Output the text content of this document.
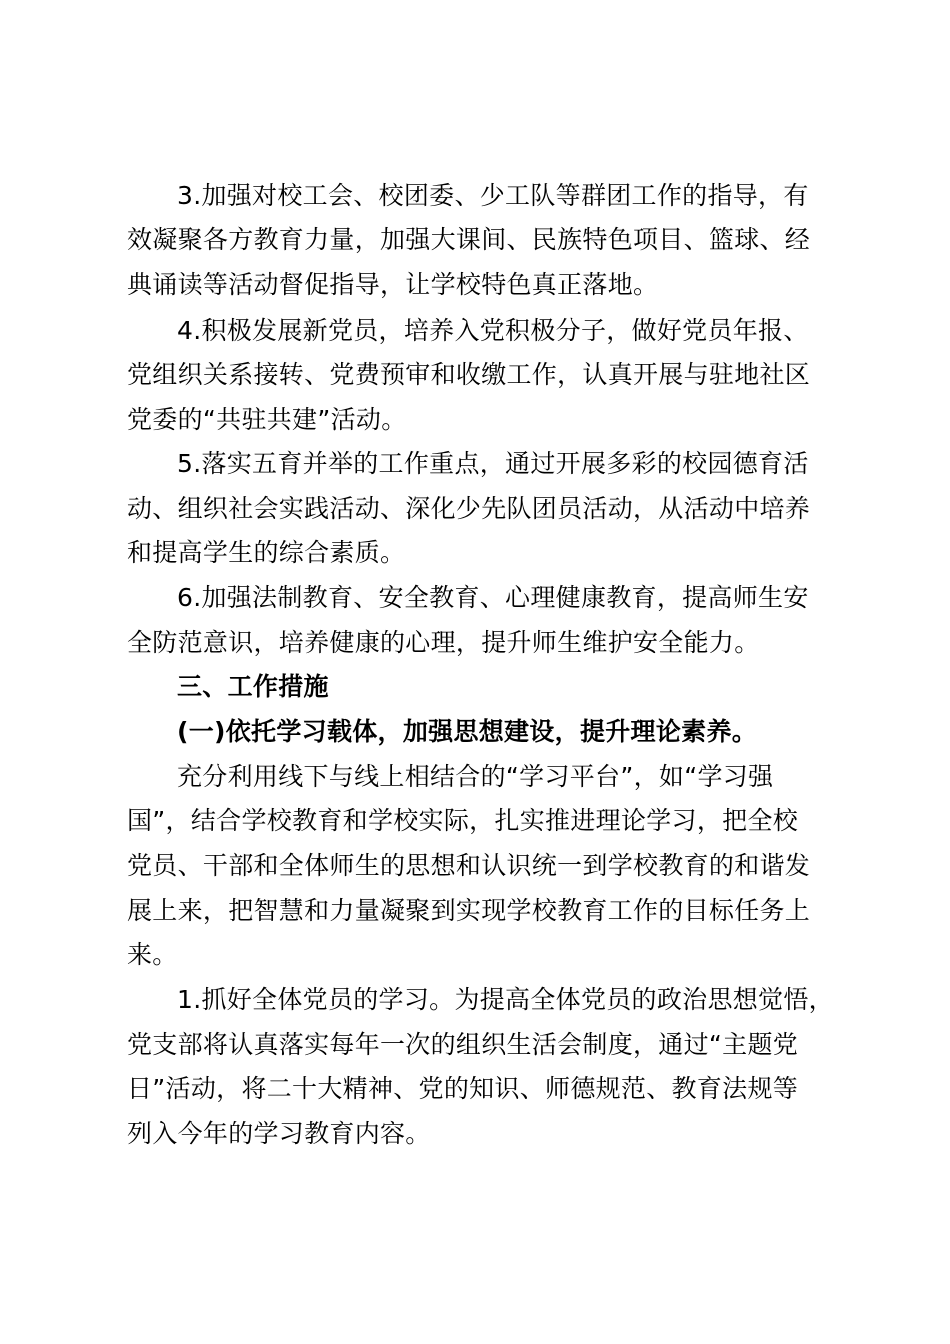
3.加强对校工会、校团委、少工队等群团工作的指导，有
效凝聚各方教育力量，加强大课间、民族特色项目、篮球、经
典诵读等活动督促指导，让学校特色真正落地。
4.积极发展新党员，培养入党积极分子，做好党员年报、
党组织关系接转、党费预审和收缴工作，认真开展与驻地社区
党委的“共驻共建”活动。
5.落实五育并举的工作重点，通过开展多彩的校园德育活
动、组织社会实践活动、深化少先队团员活动，从活动中培养
和提高学生的综合素质。
6.加强法制教育、安全教育、心理健康教育，提高师生安
全防范意识，培养健康的心理，提升师生维护安全能力。
三、工作措施
(一)依托学习载体，加强思想建设，提升理论素养。
充分利用线下与线上相结合的“学习平台”，如“学习强
国”，结合学校教育和学校实际，扎实推进理论学习，把全校
党员、干部和全体师生的思想和认识统一到学校教育的和谐发
展上来，把智慧和力量凝聚到实现学校教育工作的目标任务上
来。
1.抓好全体党员的学习。为提高全体党员的政治思想觉悟，
党支部将认真落实每年一次的组织生活会制度，通过“主题党
日”活动，将二十大精神、党的知识、师德规范、教育法规等
列入今年的学习教育内容。
